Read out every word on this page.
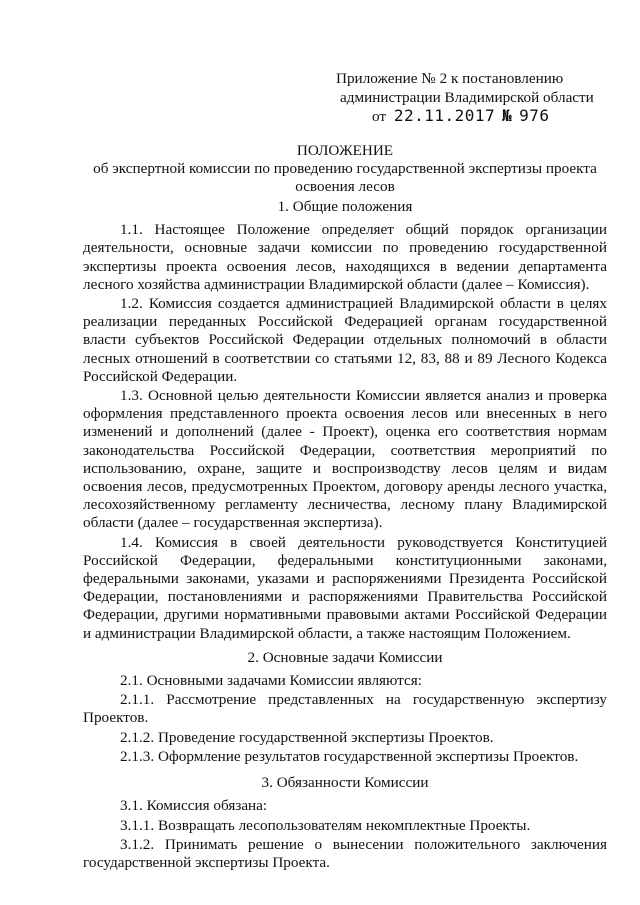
Приложение № 2 к постановлению
администрации Владимирской области
от 22.11.2017 № 976
ПОЛОЖЕНИЕ
об экспертной комиссии по проведению государственной экспертизы проекта освоения лесов
1. Общие положения

1.1. Настоящее Положение определяет общий порядок организации деятельности, основные задачи комиссии по проведению государственной экспертизы проекта освоения лесов, находящихся в ведении департамента лесного хозяйства администрации Владимирской области (далее – Комиссия).

1.2. Комиссия создается администрацией Владимирской области в целях реализации переданных Российской Федерацией органам государственной власти субъектов Российской Федерации отдельных полномочий в области лесных отношений в соответствии со статьями 12, 83, 88 и 89 Лесного Кодекса Российской Федерации.

1.3. Основной целью деятельности Комиссии является анализ и проверка оформления представленного проекта освоения лесов или внесенных в него изменений и дополнений (далее - Проект), оценка его соответствия нормам законодательства Российской Федерации, соответствия мероприятий по использованию, охране, защите и воспроизводству лесов целям и видам освоения лесов, предусмотренных Проектом, договору аренды лесного участка, лесохозяйственному регламенту лесничества, лесному плану Владимирской области (далее – государственная экспертиза).

1.4. Комиссия в своей деятельности руководствуется Конституцией Российской Федерации, федеральными конституционными законами, федеральными законами, указами и распоряжениями Президента Российской Федерации, постановлениями и распоряжениями Правительства Российской Федерации, другими нормативными правовыми актами Российской Федерации и администрации Владимирской области, а также настоящим Положением.

2. Основные задачи Комиссии

2.1. Основными задачами Комиссии являются:

2.1.1. Рассмотрение представленных на государственную экспертизу Проектов.

2.1.2. Проведение государственной экспертизы Проектов.

2.1.3. Оформление результатов государственной экспертизы Проектов.

3. Обязанности Комиссии

3.1. Комиссия обязана:

3.1.1. Возвращать лесопользователям некомплектные Проекты.

3.1.2. Принимать решение о вынесении положительного заключения государственной экспертизы Проекта.
